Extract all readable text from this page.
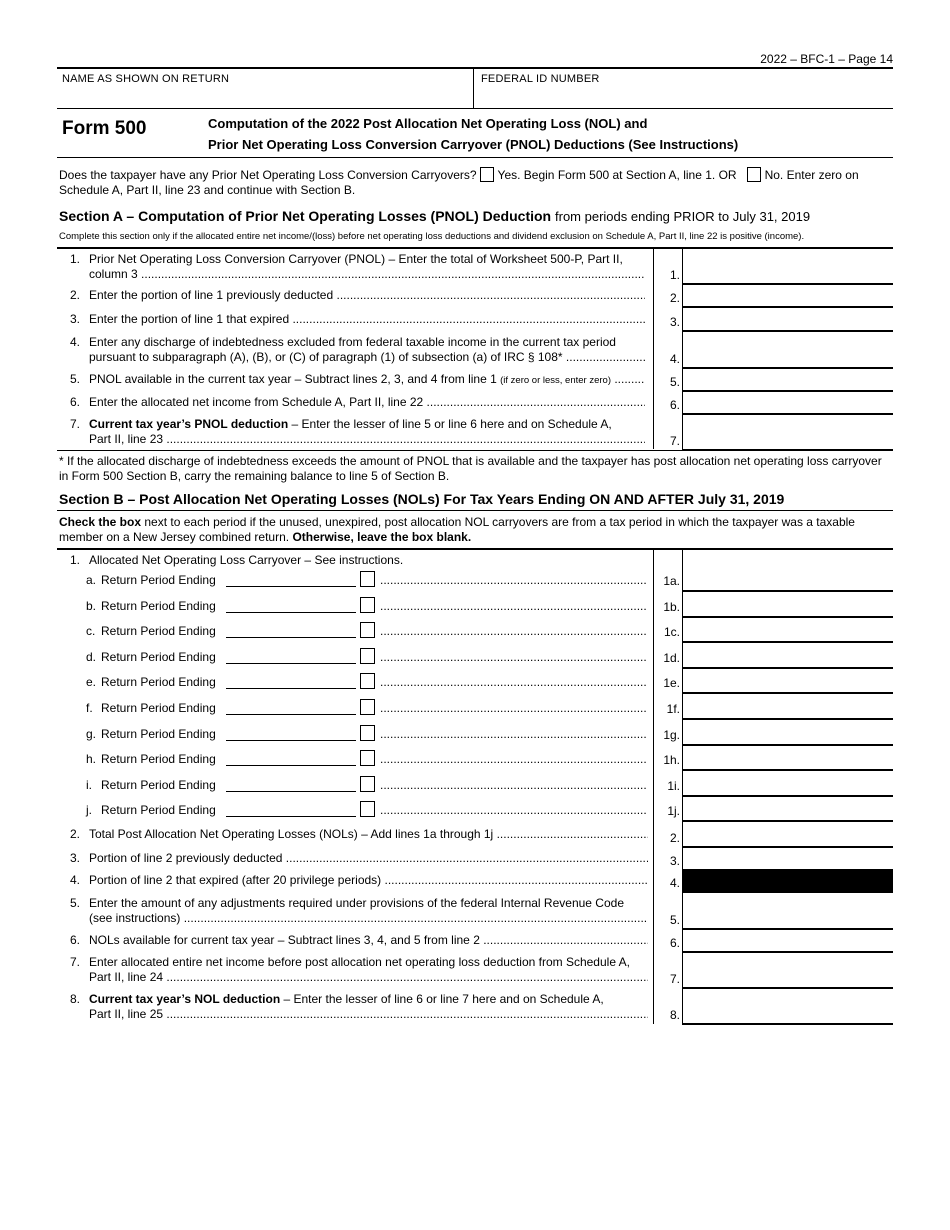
2022 – BFC-1 – Page 14
NAME AS SHOWN ON RETURN	FEDERAL ID NUMBER
Form 500	Computation of the 2022 Post Allocation Net Operating Loss (NOL) and
Prior Net Operating Loss Conversion Carryover (PNOL) Deductions (See Instructions)
Does the taxpayer have any Prior Net Operating Loss Conversion Carryovers? Yes. Begin Form 500 at Section A, line 1. OR No. Enter zero on Schedule A, Part II, line 23 and continue with Section B.
Section A – Computation of Prior Net Operating Losses (PNOL) Deduction from periods ending PRIOR to July 31, 2019
Complete this section only if the allocated entire net income/(loss) before net operating loss deductions and dividend exclusion on Schedule A, Part II, line 22 is positive (income).
1. Prior Net Operating Loss Conversion Carryover (PNOL) – Enter the total of Worksheet 500-P, Part II,
column 3 .....	1.
2. Enter the portion of line 1 previously deducted .....	2.
3. Enter the portion of line 1 that expired .....	3.
4. Enter any discharge of indebtedness excluded from federal taxable income in the current tax period
pursuant to subparagraph (A), (B), or (C) of paragraph (1) of subsection (a) of IRC § 108* .....	4.
5. PNOL available in the current tax year – Subtract lines 2, 3, and 4 from line 1 (if zero or less, enter zero) .....	5.
6. Enter the allocated net income from Schedule A, Part II, line 22 .....	6.
7. Current tax year’s PNOL deduction – Enter the lesser of line 5 or line 6 here and on Schedule A,
Part II, line 23 .....	7.
* If the allocated discharge of indebtedness exceeds the amount of PNOL that is available and the taxpayer has post allocation net operating loss carryover in Form 500 Section B, carry the remaining balance to line 5 of Section B.
Section B – Post Allocation Net Operating Losses (NOLs) For Tax Years Ending ON AND AFTER July 31, 2019
Check the box next to each period if the unused, unexpired, post allocation NOL carryovers are from a tax period in which the taxpayer was a taxable member on a New Jersey combined return. Otherwise, leave the box blank.
1. Allocated Net Operating Loss Carryover – See instructions.
a. Return Period Ending .....	1a.
b. Return Period Ending .....	1b.
c. Return Period Ending .....	1c.
d. Return Period Ending .....	1d.
e. Return Period Ending .....	1e.
f. Return Period Ending .....	1f.
g. Return Period Ending .....	1g.
h. Return Period Ending .....	1h.
i. Return Period Ending .....	1i.
j. Return Period Ending .....	1j.
2. Total Post Allocation Net Operating Losses (NOLs) – Add lines 1a through 1j .....	2.
3. Portion of line 2 previously deducted .....	3.
4. Portion of line 2 that expired (after 20 privilege periods) .....	4.
5. Enter the amount of any adjustments required under provisions of the federal Internal Revenue Code
(see instructions) .....	5.
6. NOLs available for current tax year – Subtract lines 3, 4, and 5 from line 2 .....	6.
7. Enter allocated entire net income before post allocation net operating loss deduction from Schedule A,
Part II, line 24 .....	7.
8. Current tax year’s NOL deduction – Enter the lesser of line 6 or line 7 here and on Schedule A,
Part II, line 25 .....	8.
